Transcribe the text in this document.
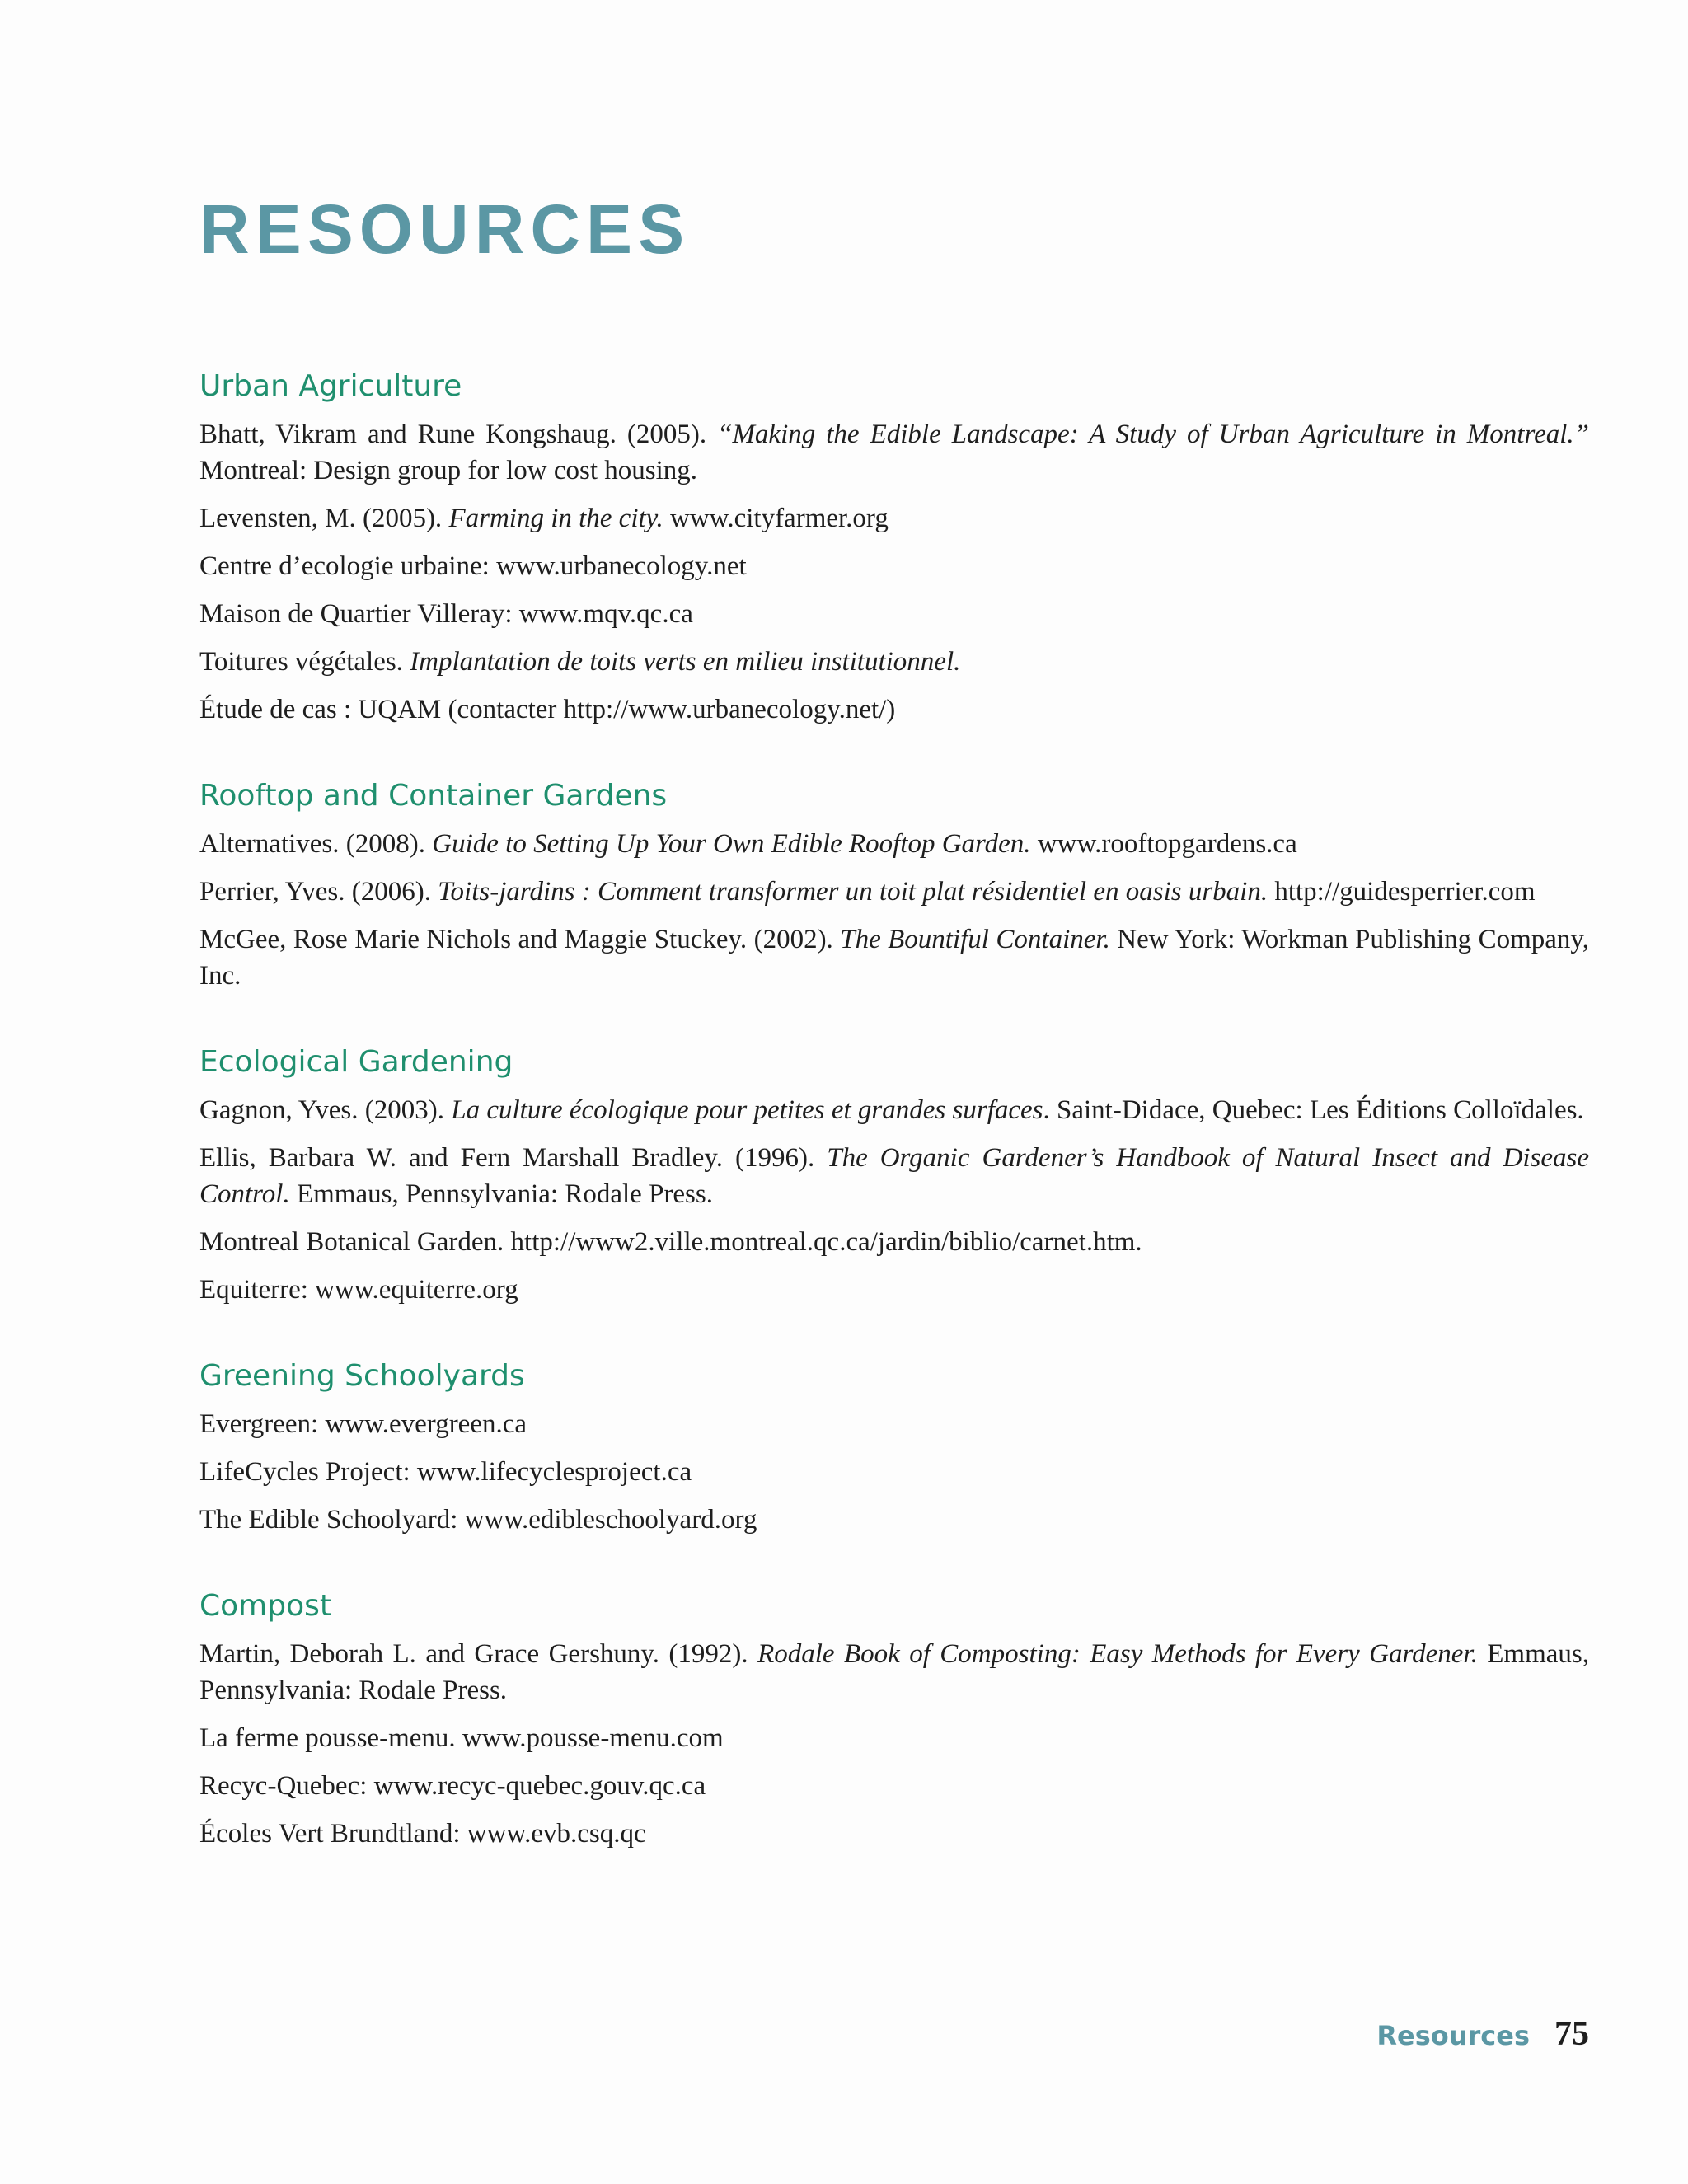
RESOURCES
Urban Agriculture

Bhatt, Vikram and Rune Kongshaug. (2005). “Making the Edible Landscape: A Study of Urban Agriculture in Montreal.” Montreal: Design group for low cost housing.

Levensten, M. (2005). Farming in the city. www.cityfarmer.org

Centre d’ecologie urbaine: www.urbanecology.net

Maison de Quartier Villeray: www.mqv.qc.ca

Toitures végétales. Implantation de toits verts en milieu institutionnel.

Étude de cas : UQAM (contacter http://www.urbanecology.net/)

Rooftop and Container Gardens

Alternatives. (2008). Guide to Setting Up Your Own Edible Rooftop Garden. www.rooftopgardens.ca

Perrier, Yves. (2006). Toits-jardins : Comment transformer un toit plat résidentiel en oasis urbain. http://guidesperrier.com

McGee, Rose Marie Nichols and Maggie Stuckey. (2002). The Bountiful Container. New York: Workman Publishing Company, Inc.

Ecological Gardening

Gagnon, Yves. (2003). La culture écologique pour petites et grandes surfaces. Saint-Didace, Quebec: Les Éditions Colloïdales.

Ellis, Barbara W. and Fern Marshall Bradley. (1996). The Organic Gardener’s Handbook of Natural Insect and Disease Control. Emmaus, Pennsylvania: Rodale Press.

Montreal Botanical Garden. http://www2.ville.montreal.qc.ca/jardin/biblio/carnet.htm.

Equiterre: www.equiterre.org

Greening Schoolyards

Evergreen: www.evergreen.ca

LifeCycles Project: www.lifecyclesproject.ca

The Edible Schoolyard: www.edibleschoolyard.org

Compost

Martin, Deborah L. and Grace Gershuny. (1992). Rodale Book of Composting: Easy Methods for Every Gardener. Emmaus, Pennsylvania: Rodale Press.

La ferme pousse-menu. www.pousse-menu.com

Recyc-Quebec: www.recyc-quebec.gouv.qc.ca

Écoles Vert Brundtland: www.evb.csq.qc

Resources 75
